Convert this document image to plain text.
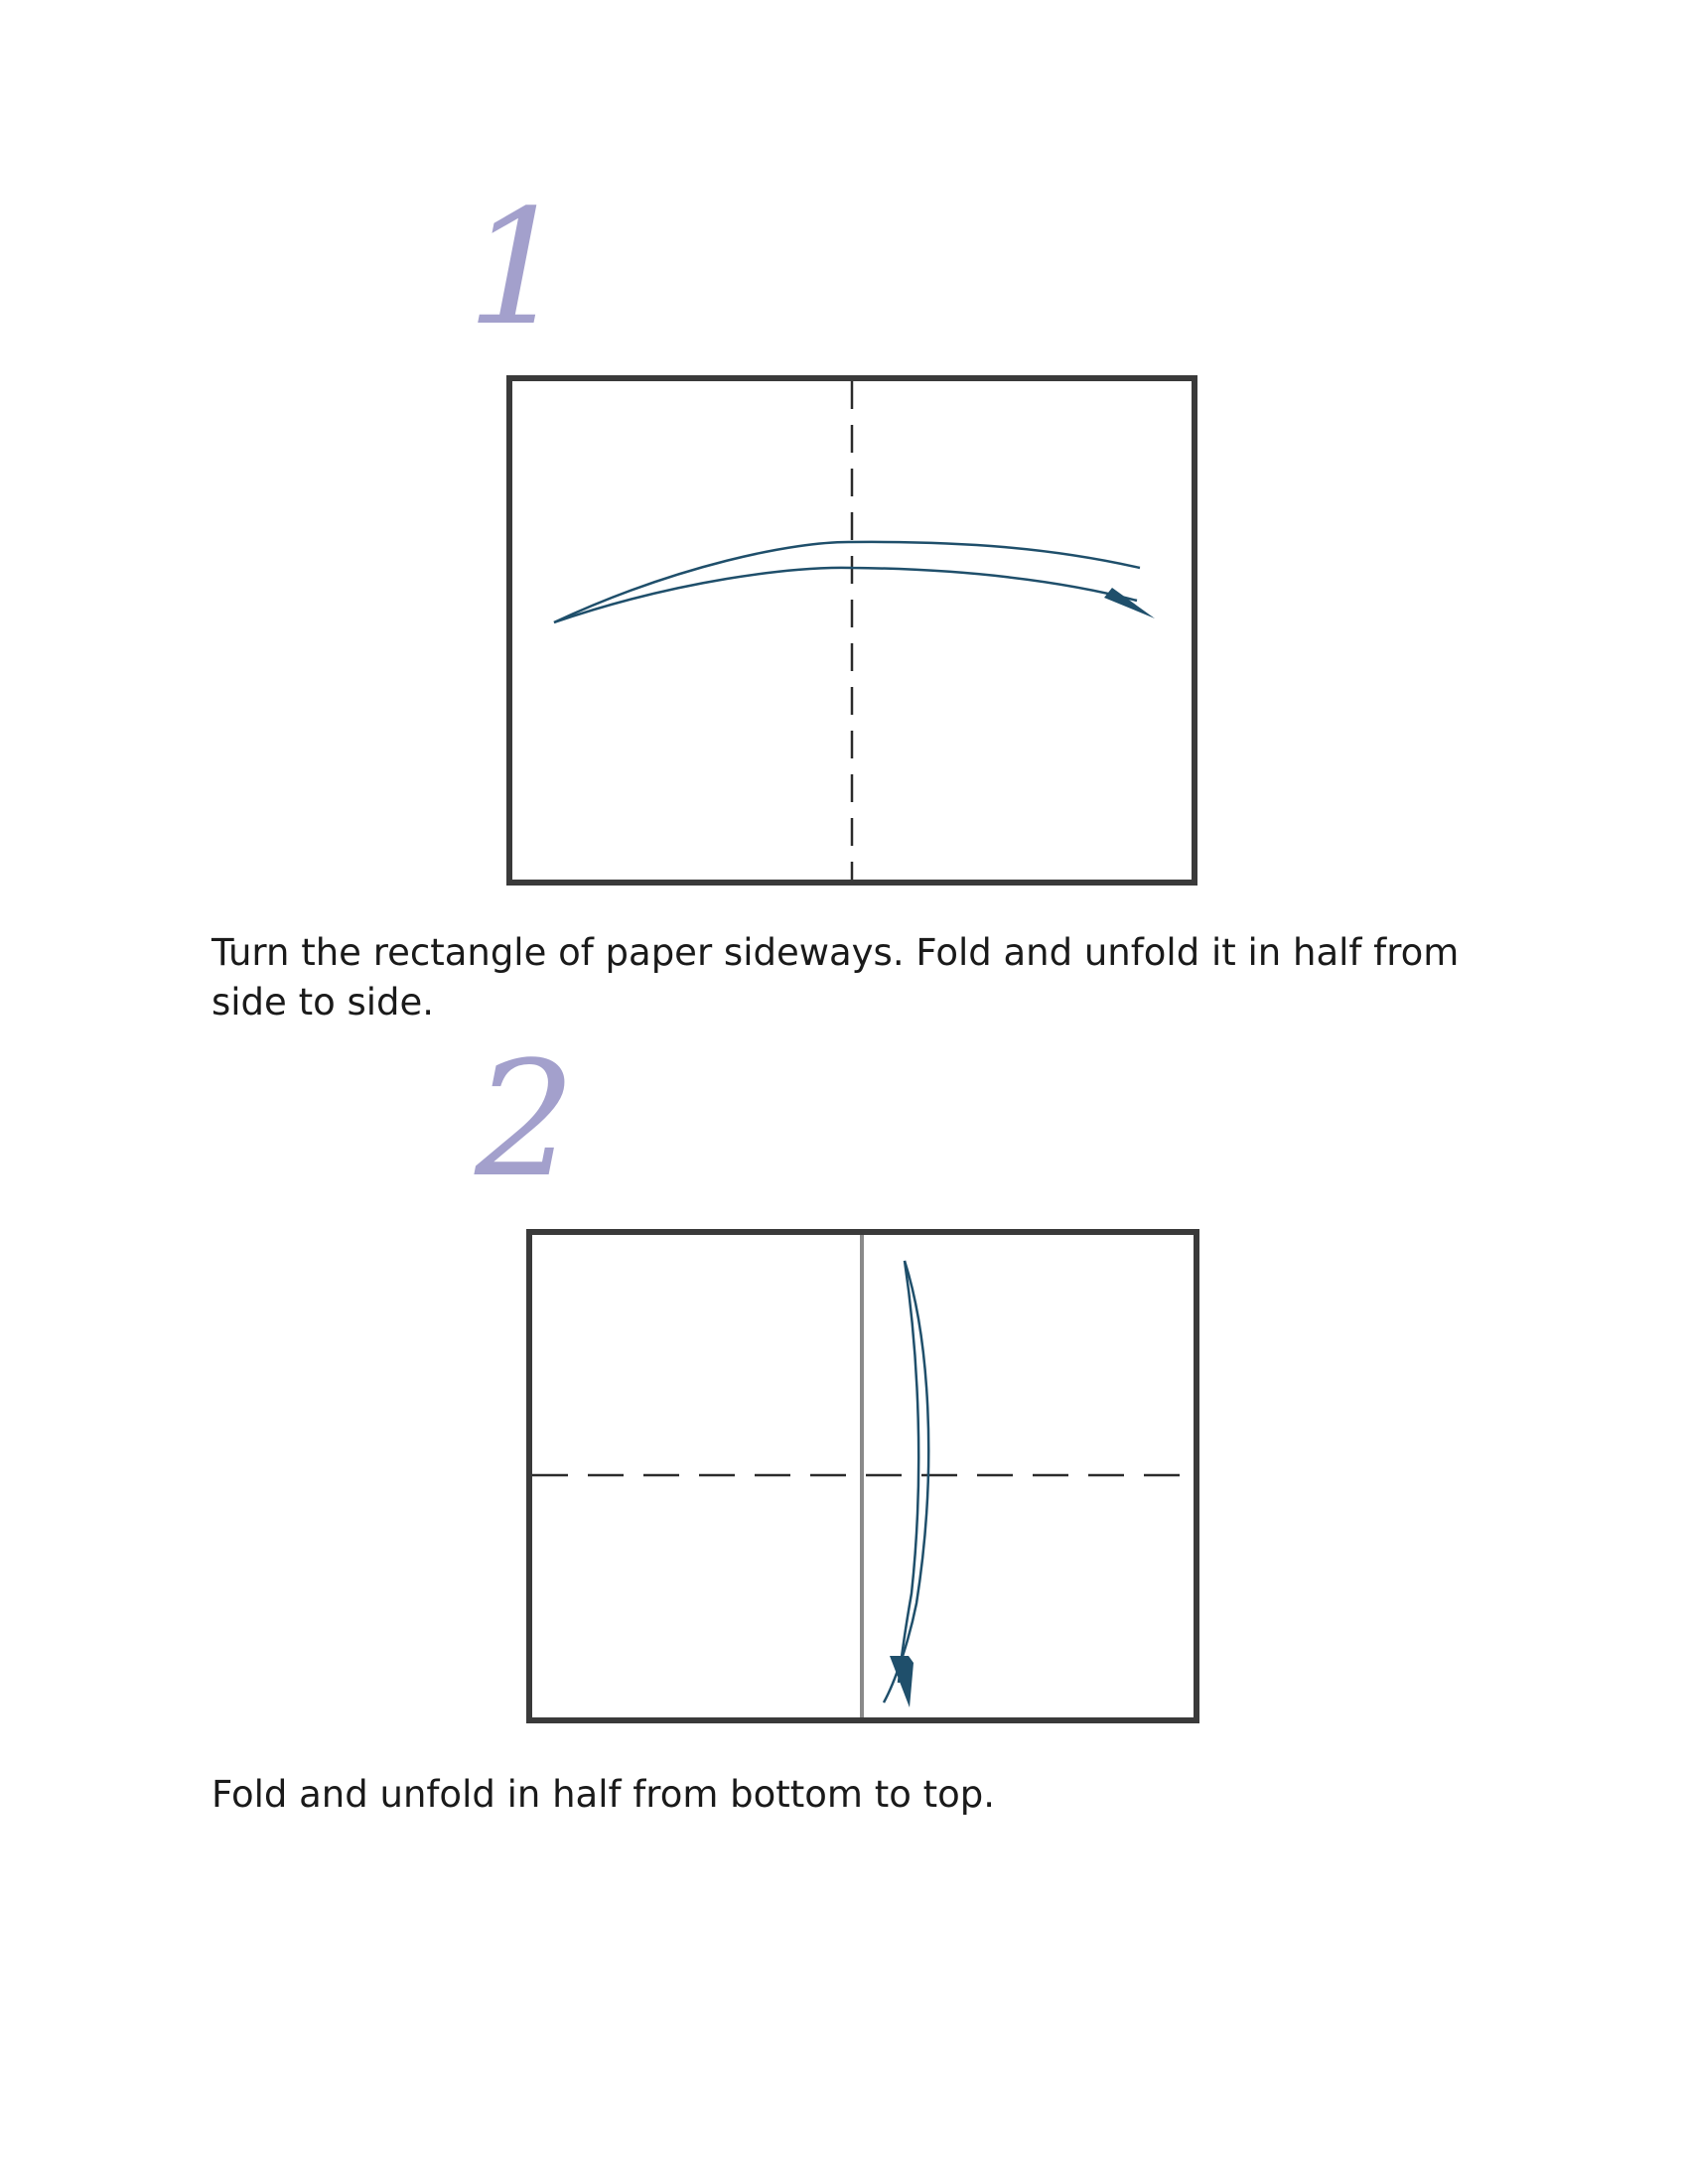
1

Turn the rectangle of paper sideways. Fold and unfold it in half from side to side.

2

Fold and unfold in half from bottom to top.
